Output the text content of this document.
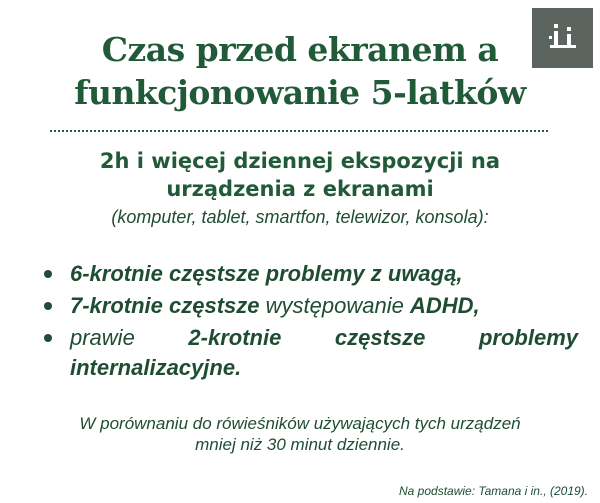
Czas przed ekranem a
funkcjonowanie 5-latków
2h i więcej dziennej ekspozycji na
urządzenia z ekranami
(komputer, tablet, smartfon, telewizor, konsola):
6-krotnie częstsze problemy z uwagą,
7-krotnie częstsze występowanie ADHD,
prawie 2-krotnie częstsze problemy internalizacyjne.
W porównaniu do rówieśników używających tych urządzeń
mniej niż 30 minut dziennie.
Na podstawie: Tamana i in., (2019).
